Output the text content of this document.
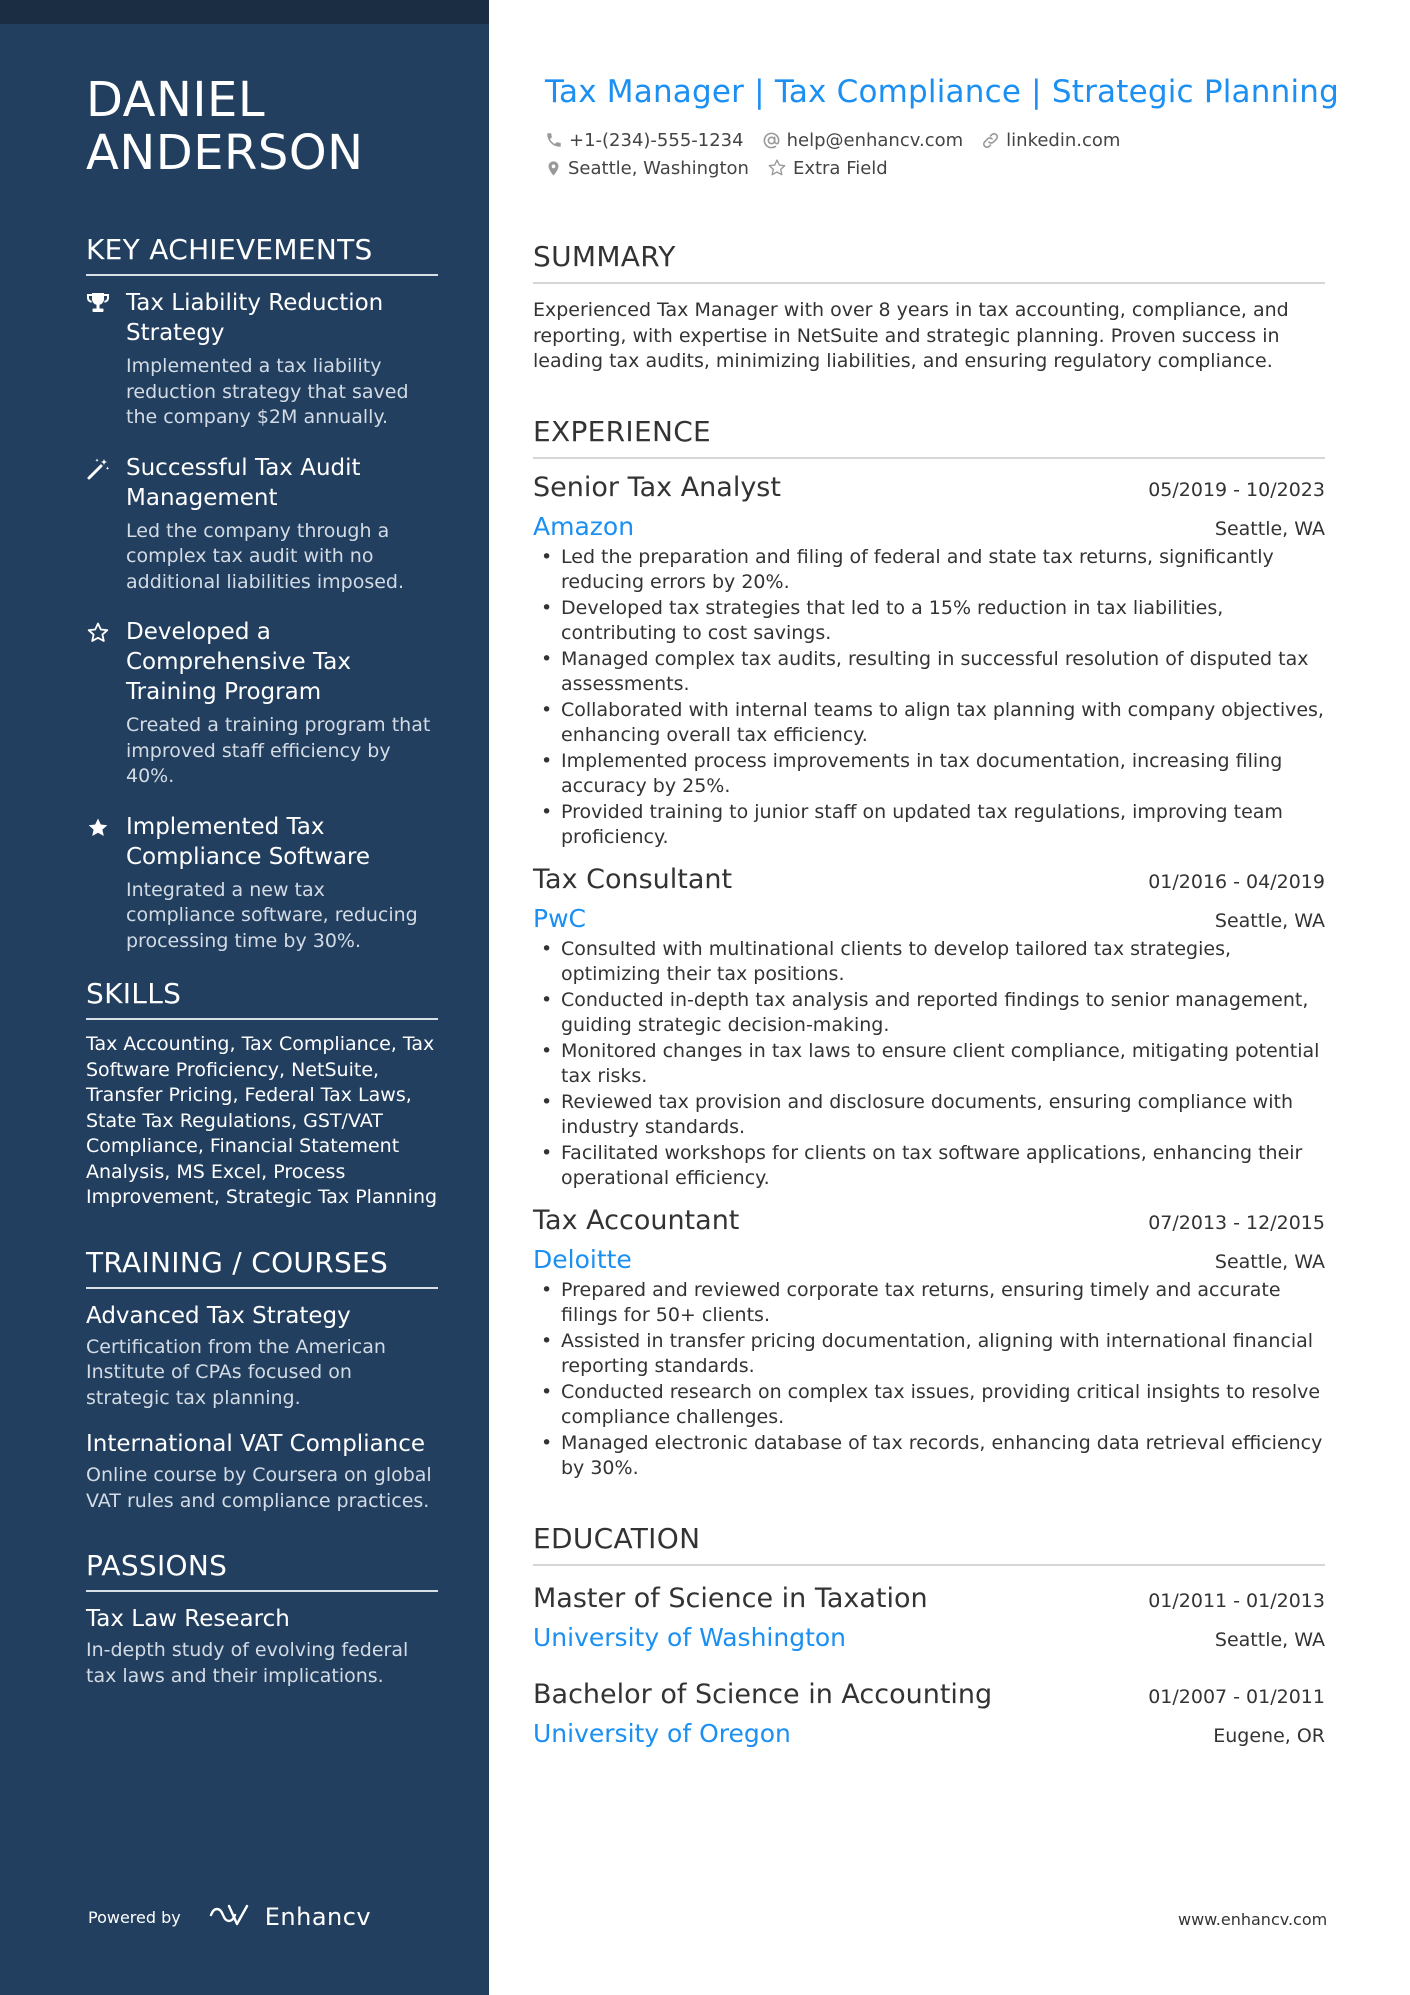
DANIEL
ANDERSON
KEY ACHIEVEMENTS
Tax Liability Reduction Strategy
Implemented a tax liability reduction strategy that saved the company $2M annually.
Successful Tax Audit Management
Led the company through a complex tax audit with no additional liabilities imposed.
Developed a Comprehensive Tax Training Program
Created a training program that improved staff efficiency by 40%.
Implemented Tax Compliance Software
Integrated a new tax compliance software, reducing processing time by 30%.
SKILLS
Tax Accounting, Tax Compliance, Tax Software Proficiency, NetSuite, Transfer Pricing, Federal Tax Laws, State Tax Regulations, GST/VAT Compliance, Financial Statement Analysis, MS Excel, Process Improvement, Strategic Tax Planning
TRAINING / COURSES
Advanced Tax Strategy
Certification from the American Institute of CPAs focused on strategic tax planning.
International VAT Compliance
Online course by Coursera on global VAT rules and compliance practices.
PASSIONS
Tax Law Research
In-depth study of evolving federal tax laws and their implications.
Powered by	Enhancv
Tax Manager | Tax Compliance | Strategic Planning
+1-(234)-555-1234 help@enhancv.com linkedin.com
Seattle, Washington Extra Field
SUMMARY
Experienced Tax Manager with over 8 years in tax accounting, compliance, and reporting, with expertise in NetSuite and strategic planning. Proven success in leading tax audits, minimizing liabilities, and ensuring regulatory compliance.
EXPERIENCE
Senior Tax Analyst	05/2019 - 10/2023
Amazon	Seattle, WA
• Led the preparation and filing of federal and state tax returns, significantly reducing errors by 20%.
• Developed tax strategies that led to a 15% reduction in tax liabilities, contributing to cost savings.
• Managed complex tax audits, resulting in successful resolution of disputed tax assessments.
• Collaborated with internal teams to align tax planning with company objectives, enhancing overall tax efficiency.
• Implemented process improvements in tax documentation, increasing filing accuracy by 25%.
• Provided training to junior staff on updated tax regulations, improving team proficiency.
Tax Consultant	01/2016 - 04/2019
PwC	Seattle, WA
• Consulted with multinational clients to develop tailored tax strategies, optimizing their tax positions.
• Conducted in-depth tax analysis and reported findings to senior management, guiding strategic decision-making.
• Monitored changes in tax laws to ensure client compliance, mitigating potential tax risks.
• Reviewed tax provision and disclosure documents, ensuring compliance with industry standards.
• Facilitated workshops for clients on tax software applications, enhancing their operational efficiency.
Tax Accountant	07/2013 - 12/2015
Deloitte	Seattle, WA
• Prepared and reviewed corporate tax returns, ensuring timely and accurate filings for 50+ clients.
• Assisted in transfer pricing documentation, aligning with international financial reporting standards.
• Conducted research on complex tax issues, providing critical insights to resolve compliance challenges.
• Managed electronic database of tax records, enhancing data retrieval efficiency by 30%.
EDUCATION
Master of Science in Taxation	01/2011 - 01/2013
University of Washington	Seattle, WA
Bachelor of Science in Accounting	01/2007 - 01/2011
University of Oregon	Eugene, OR
www.enhancv.com
